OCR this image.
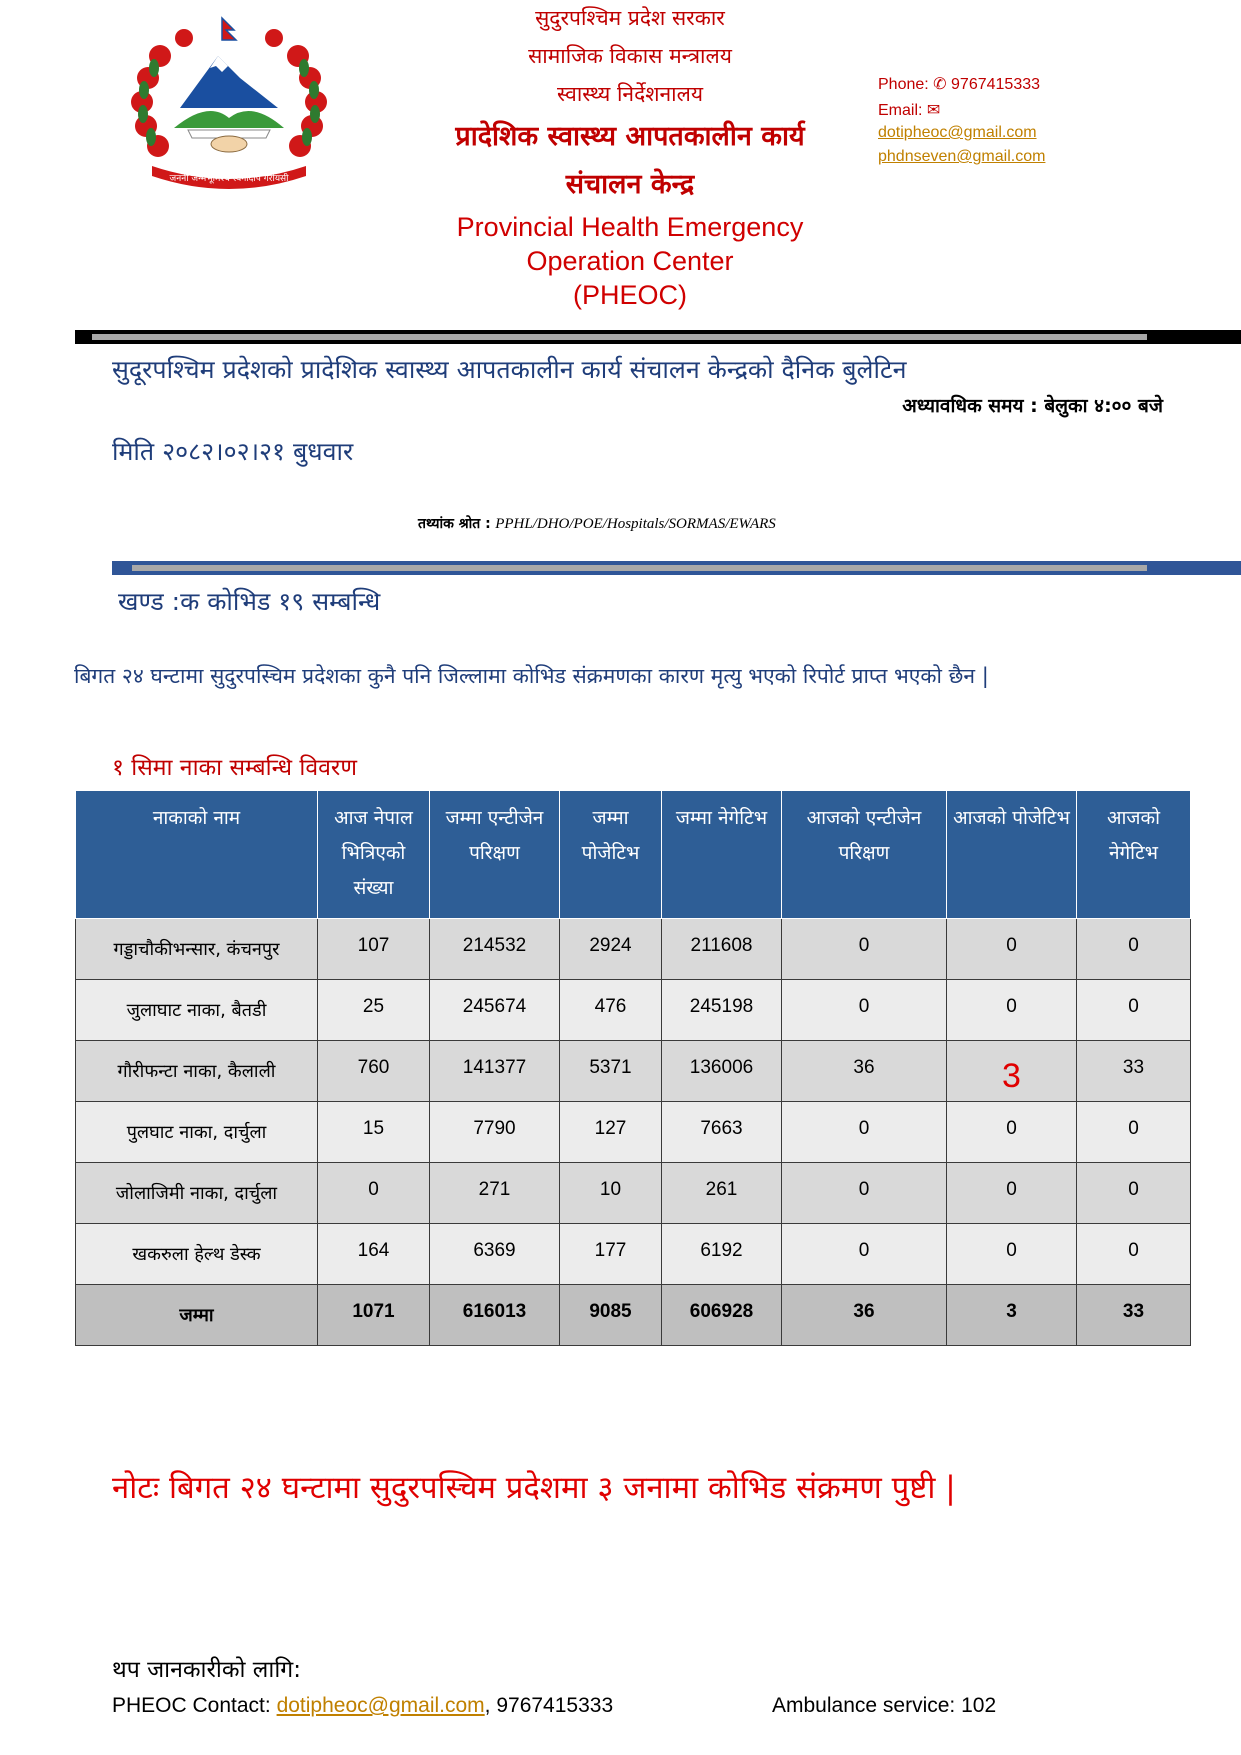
जननी जन्मभूमिश्च स्वर्गादपि गरीयसी
सुदुरपश्चिम प्रदेश सरकार
सामाजिक विकास मन्त्रालय
स्वास्थ्य निर्देशनालय
प्रादेशिक स्वास्थ्य आपतकालीन कार्य
संचालन केन्द्र
Provincial Health Emergency
Operation Center
(PHEOC)
Phone: ✆ 9767415333
Email: ✉
dotipheoc@gmail.com
phdnseven@gmail.com
सुदूरपश्चिम प्रदेशको प्रादेशिक स्वास्थ्य आपतकालीन कार्य संचालन केन्द्रको दैनिक बुलेटिन
अध्यावधिक समय : बेलुका ४:०० बजे
मिति २०८२।०२।२१ बुधवार
तथ्यांक श्रोत : PPHL/DHO/POE/Hospitals/SORMAS/EWARS
खण्ड :क कोभिड १९ सम्बन्धि
बिगत २४ घन्टामा सुदुरपस्चिम प्रदेशका कुनै पनि जिल्लामा कोभिड संक्रमणका कारण मृत्यु भएको रिपोर्ट प्राप्त भएको छैन |
१ सिमा नाका सम्बन्धि विवरण
नाकाको नाम	आज नेपाल भित्रिएको संख्या	जम्मा एन्टीजेन परिक्षण	जम्मा पोजेटिभ	जम्मा नेगेटिभ	आजको एन्टीजेन परिक्षण	आजको पोजेटिभ	आजको नेगेटिभ
गड्डाचौकीभन्सार, कंचनपुर	107	214532	2924	211608	0	0	0
जुलाघाट नाका, बैतडी	25	245674	476	245198	0	0	0
गौरीफन्टा नाका, कैलाली	760	141377	5371	136006	36	3	33
पुलघाट नाका, दार्चुला	15	7790	127	7663	0	0	0
जोलाजिमी नाका, दार्चुला	0	271	10	261	0	0	0
खकरुला हेल्थ डेस्क	164	6369	177	6192	0	0	0
जम्मा	1071	616013	9085	606928	36	3	33
नोटः बिगत २४ घन्टामा सुदुरपस्चिम प्रदेशमा ३ जनामा कोभिड संक्रमण पुष्टी |
थप जानकारीको लागि:
PHEOC Contact: dotipheoc@gmail.com, 9767415333	Ambulance service: 102
